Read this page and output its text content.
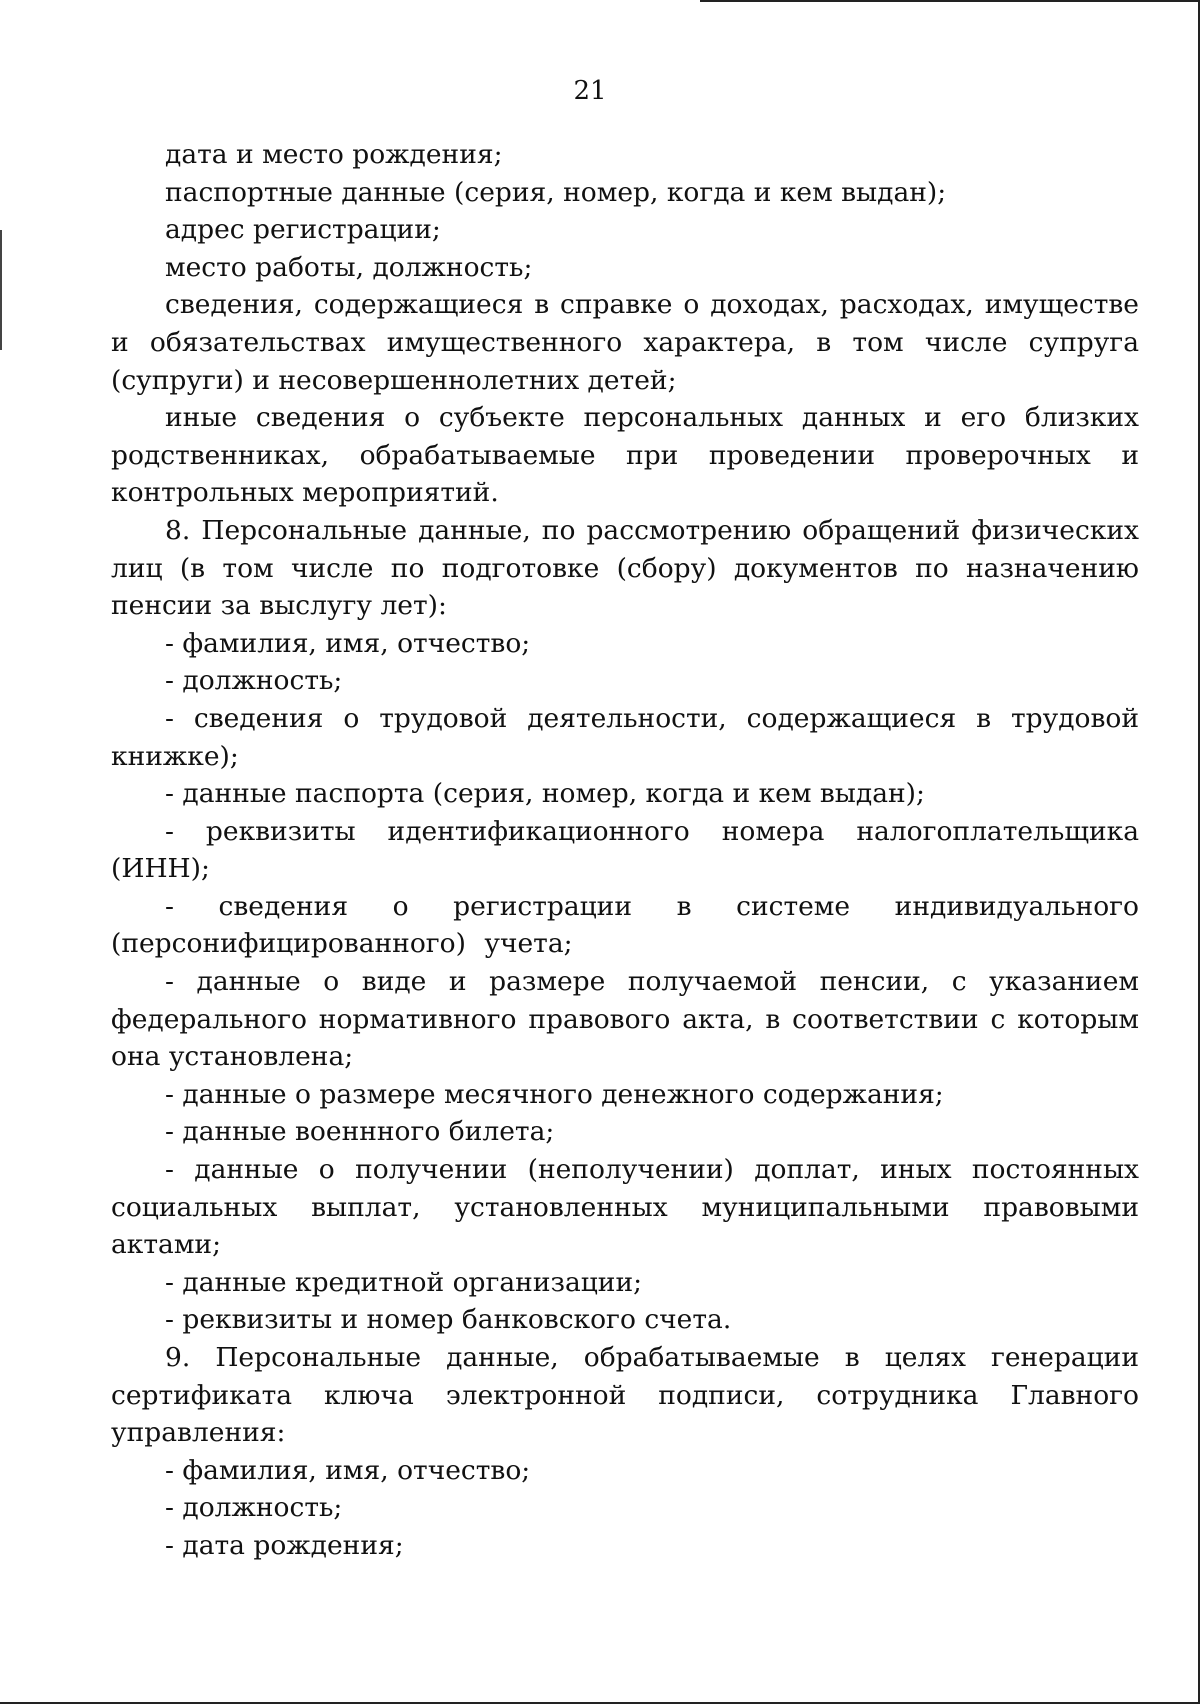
21

дата и место рождения;

паспортные данные (серия, номер, когда и кем выдан);

адрес регистрации;

место работы, должность;

сведения, содержащиеся в справке о доходах, расходах, имуществе и обязательствах имущественного характера, в том числе супруга (супруги) и несовершеннолетних детей;

иные сведения о субъекте персональных данных и его близких родственниках, обрабатываемые при проведении проверочных и контрольных мероприятий.

8. Персональные данные, по рассмотрению обращений физических лиц (в том числе по подготовке (сбору) документов по назначению пенсии за выслугу лет):

- фамилия, имя, отчество;

- должность;

- сведения о трудовой деятельности, содержащиеся в трудовой книжке);

- данные паспорта (серия, номер, когда и кем выдан);

- реквизиты идентификационного номера налогоплательщика (ИНН);

- сведения о регистрации в системе индивидуального (персонифицированного) учета;

- данные о виде и размере получаемой пенсии, с указанием федерального нормативного правового акта, в соответствии с которым она установлена;

- данные о размере месячного денежного содержания;

- данные военнного билета;

- данные о получении (неполучении) доплат, иных постоянных социальных выплат, установленных муниципальными правовыми актами;

- данные кредитной организации;

- реквизиты и номер банковского счета.

9. Персональные данные, обрабатываемые в целях генерации сертификата ключа электронной подписи, сотрудника Главного управления:

- фамилия, имя, отчество;

- должность;

- дата рождения;
